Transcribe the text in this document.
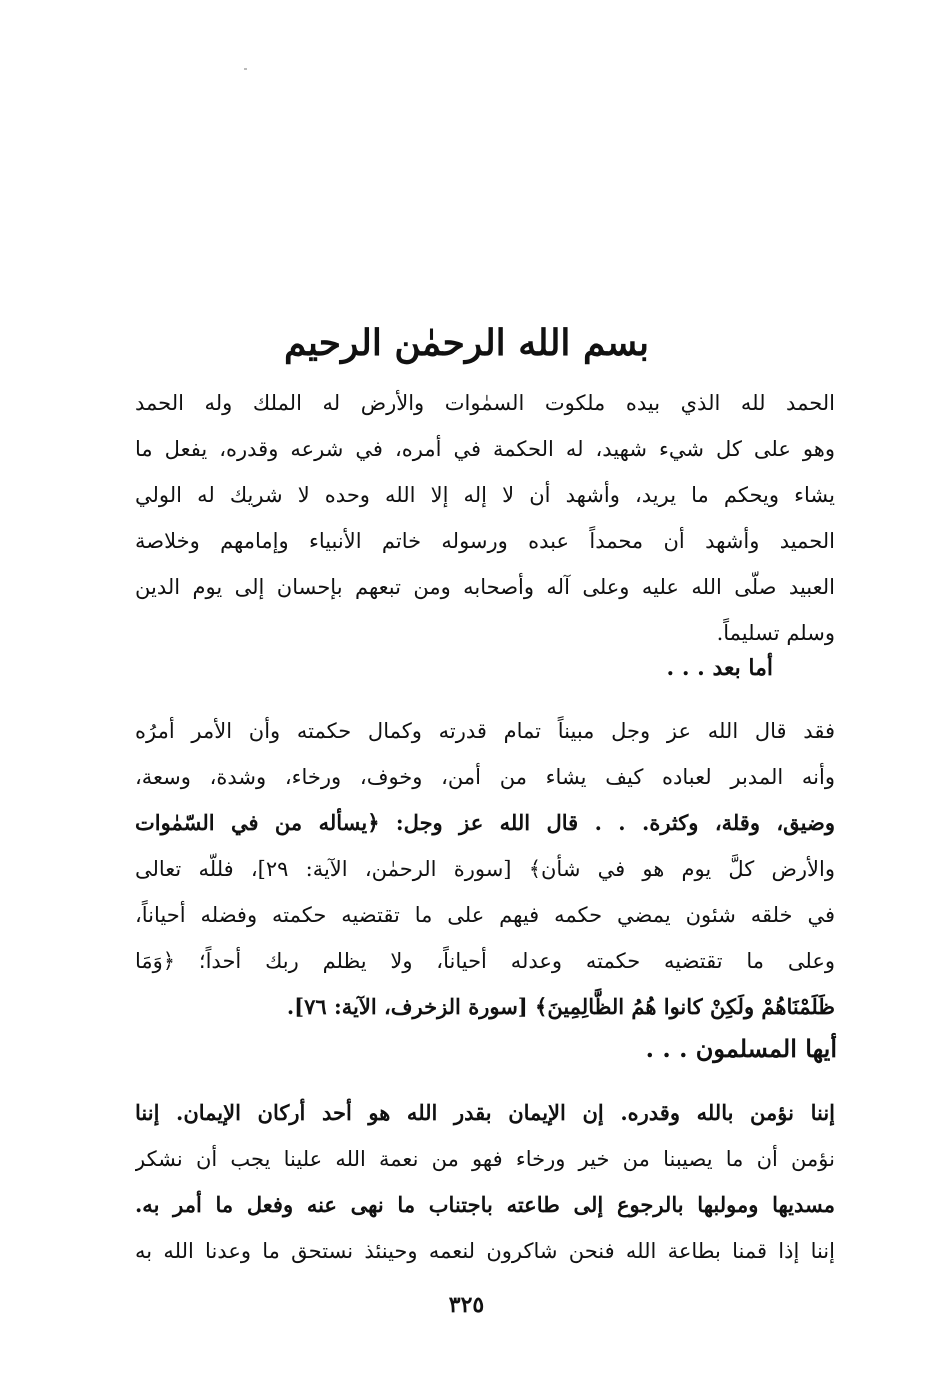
بسم الله الرحمٰن الرحيم
الحمد لله الذي بيده ملكوت السمٰوات والأرض له الملك وله الحمد
وهو على كل شيء شهيد، له الحكمة في أمره، في شرعه وقدره، يفعل ما
يشاء ويحكم ما يريد، وأشهد أن لا إله إلا الله وحده لا شريك له الولي
الحميد وأشهد أن محمداً عبده ورسوله خاتم الأنبياء وإمامهم وخلاصة
العبيد صلّى الله عليه وعلى آله وأصحابه ومن تبعهم بإحسان إلى يوم الدين
وسلم تسليماً.
أما بعد . . .
فقد قال الله عز وجل مبيناً تمام قدرته وكمال حكمته وأن الأمر أمرُه
وأنه المدبر لعباده كيف يشاء من أمن، وخوف، ورخاء، وشدة، وسعة،
وضيق، وقلة، وكثرة. . . قال الله عز وجل: ﴿يسأله من في السّمٰوات
والأرض كلَّ يوم هو في شأن﴾ [سورة الرحمٰن، الآية: ٢٩]، فللّه تعالى
في خلقه شئون يمضي حكمه فيهم على ما تقتضيه حكمته وفضله أحياناً،
وعلى ما تقتضيه حكمته وعدله أحياناً، ولا يظلم ربك أحداً؛ ﴿وَمَا
ظَلَمْنَاهُمْ ولَكِنْ كانوا هُمُ الظَّالِمِينَ﴾ [سورة الزخرف، الآية: ٧٦].
أيها المسلمون . . .
إننا نؤمن بالله وقدره. إن الإيمان بقدر الله هو أحد أركان الإيمان. إننا
نؤمن أن ما يصيبنا من خير ورخاء فهو من نعمة الله علينا يجب أن نشكر
مسديها ومولبها بالرجوع إلى طاعته باجتناب ما نهى عنه وفعل ما أمر به.
إننا إذا قمنا بطاعة الله فنحن شاكرون لنعمه وحينئذ نستحق ما وعدنا الله به
٣٢٥
